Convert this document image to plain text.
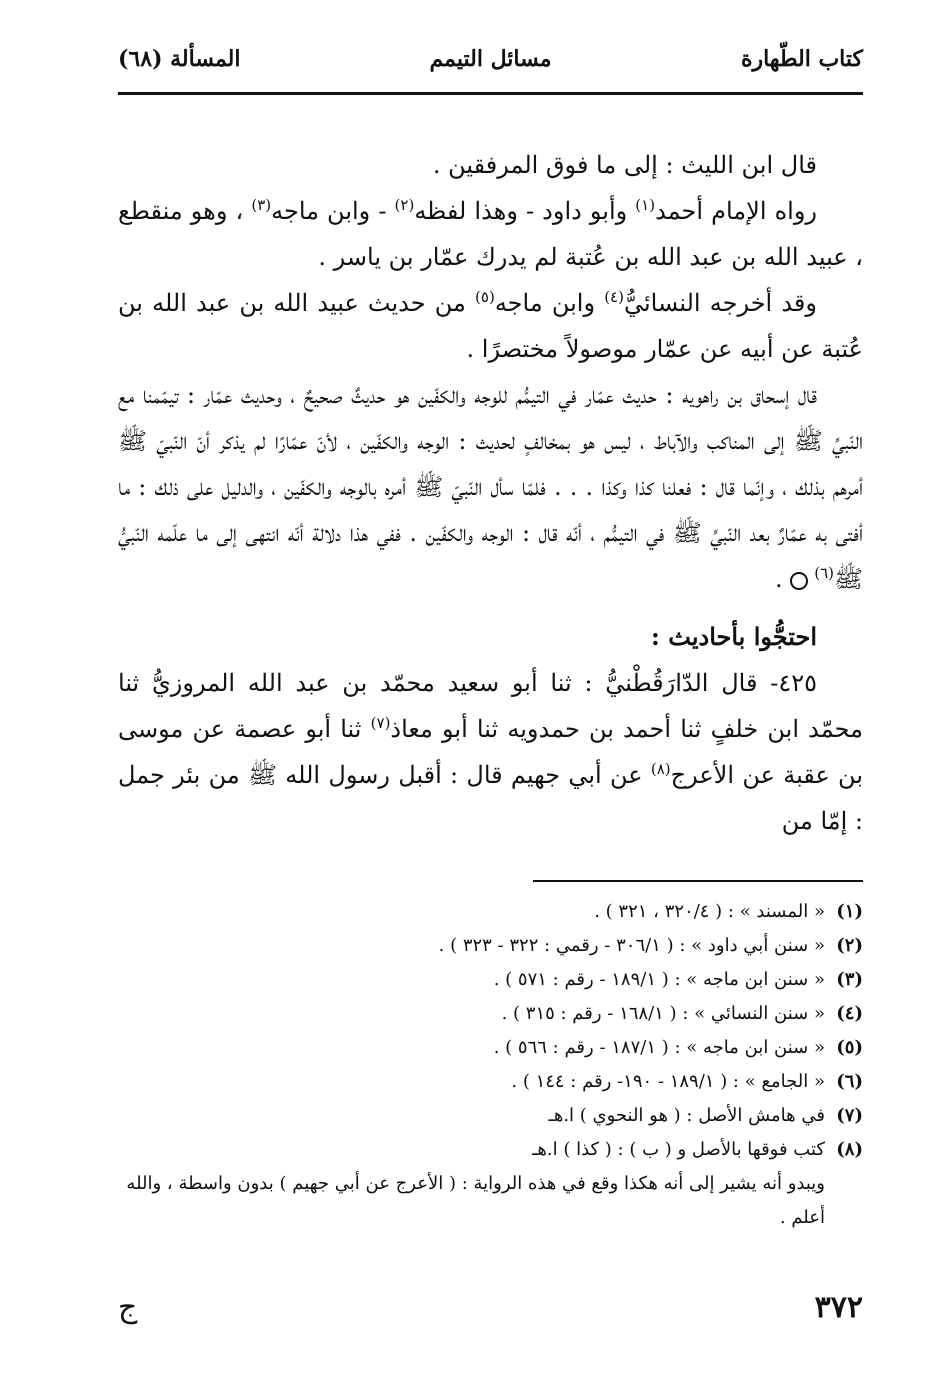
كتاب الطّهارة
مسائل التيمم
المسألة (٦٨)

قال ابن الليث : إلى ما فوق المرفقين .

رواه الإمام أحمد$^{(١)}$ وأبو داود - وهذا لفظه$^{(٢)}$ - وابن ماجه$^{(٣)}$ ، وهو منقطع ، عبيد الله بن عبد الله بن عُتبة لم يدرك عمّار بن ياسر .

وقد أخرجه النسائيُّ$^{(٤)}$ وابن ماجه$^{(٥)}$ من حديث عبيد الله بن عبد الله بن عُتبة عن أبيه عن عمّار موصولاً مختصرًا .

قال إسحاق بن راهويه : حديث عمّار في التيمُّم للوجه والكفّين هو حديثٌ صحيحٌ ، وحديث عمّار : تيمّمنا مع النّبيِّ ﷺ إلى المناكب والآباط ، ليس هو بمخالفٍ لحديث : الوجه والكفّين ، لأنّ عمّارًا لم يذكر أنّ النّبيّ ﷺ أمرهم بذلك ، وإنّما قال : فعلنا كذا وكذا . . . فلمّا سأل النّبيّ ﷺ أمره بالوجه والكفّين ، والدليل على ذلك : ما أفتى به عمّارٌ بعد النّبيِّ ﷺ في التيمُّم ، أنّه قال : الوجه والكفّين . ففي هذا دلالة أنّه انتهى إلى ما علّمه النّبيُّ ﷺ$^{(٦)}$ .

احتجُّوا بأحاديث :

٤٢٥- قال الدّارَقُطْنيُّ : ثنا أبو سعيد محمّد بن عبد الله المروزيُّ ثنا محمّد ابن خلفٍ ثنا أحمد بن حمدويه ثنا أبو معاذ$^{(٧)}$ ثنا أبو عصمة عن موسى بن عقبة عن الأعرج$^{(٨)}$ عن أبي جهيم قال : أقبل رسول الله ﷺ من بئر جمل : إمّا من

(١)« المسند » : ( ٣٢٠/٤ ، ٣٢١ ) .

(٢)« سنن أبي داود » : ( ٣٠٦/١ - رقمي : ٣٢٢ - ٣٢٣ ) .

(٣)« سنن ابن ماجه » : ( ١٨٩/١ - رقم : ٥٧١ ) .

(٤)« سنن النسائي » : ( ١٦٨/١ - رقم : ٣١٥ ) .

(٥)« سنن ابن ماجه » : ( ١٨٧/١ - رقم : ٥٦٦ ) .

(٦)« الجامع » : ( ١٨٩/١ - ١٩٠- رقم : ١٤٤ ) .

(٧)في هامش الأصل : ( هو النحوي ) ا.هـ

(٨)كتب فوقها بالأصل و ( ب ) : ( كذا ) ا.هـ

ويبدو أنه يشير إلى أنه هكذا وقع في هذه الرواية : ( الأعرج عن أبي جهيم ) بدون واسطة ، والله أعلم .

٣٧٢
ج
